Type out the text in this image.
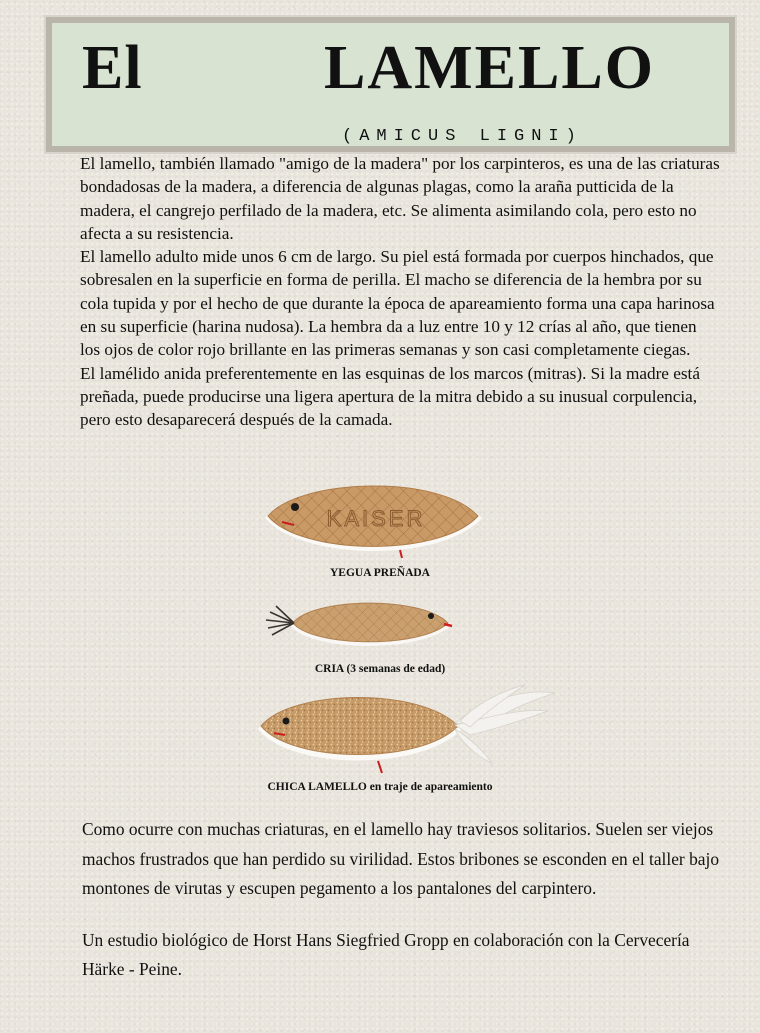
El	LAMELLO
(AMICUS LIGNI)

El lamello, también llamado "amigo de la madera" por los carpinteros, es una de las criaturas bondadosas de la madera, a diferencia de algunas plagas, como la araña putticida de la madera, el cangrejo perfilado de la madera, etc. Se alimenta asimilando cola, pero esto no afecta a su resistencia.

El lamello adulto mide unos 6 cm de largo. Su piel está formada por cuerpos hinchados, que sobresalen en la superficie en forma de perilla. El macho se diferencia de la hembra por su cola tupida y por el hecho de que durante la época de apareamiento forma una capa harinosa en su superficie (harina nudosa). La hembra da a luz entre 10 y 12 crías al año, que tienen los ojos de color rojo brillante en las primeras semanas y son casi completamente ciegas.

El lamélido anida preferentemente en las esquinas de los marcos (mitras). Si la madre está preñada, puede producirse una ligera apertura de la mitra debido a su inusual corpulencia, pero esto desaparecerá después de la camada.

KAISER
YEGUA PREÑADA
CRIA (3 semanas de edad)
CHICA LAMELLO en traje de apareamiento

Como ocurre con muchas criaturas, en el lamello hay traviesos solitarios. Suelen ser viejos machos frustrados que han perdido su virilidad. Estos bribones se esconden en el taller bajo montones de virutas y escupen pegamento a los pantalones del carpintero.

Un estudio biológico de Horst Hans Siegfried Gropp en colaboración con la Cervecería Härke - Peine.
